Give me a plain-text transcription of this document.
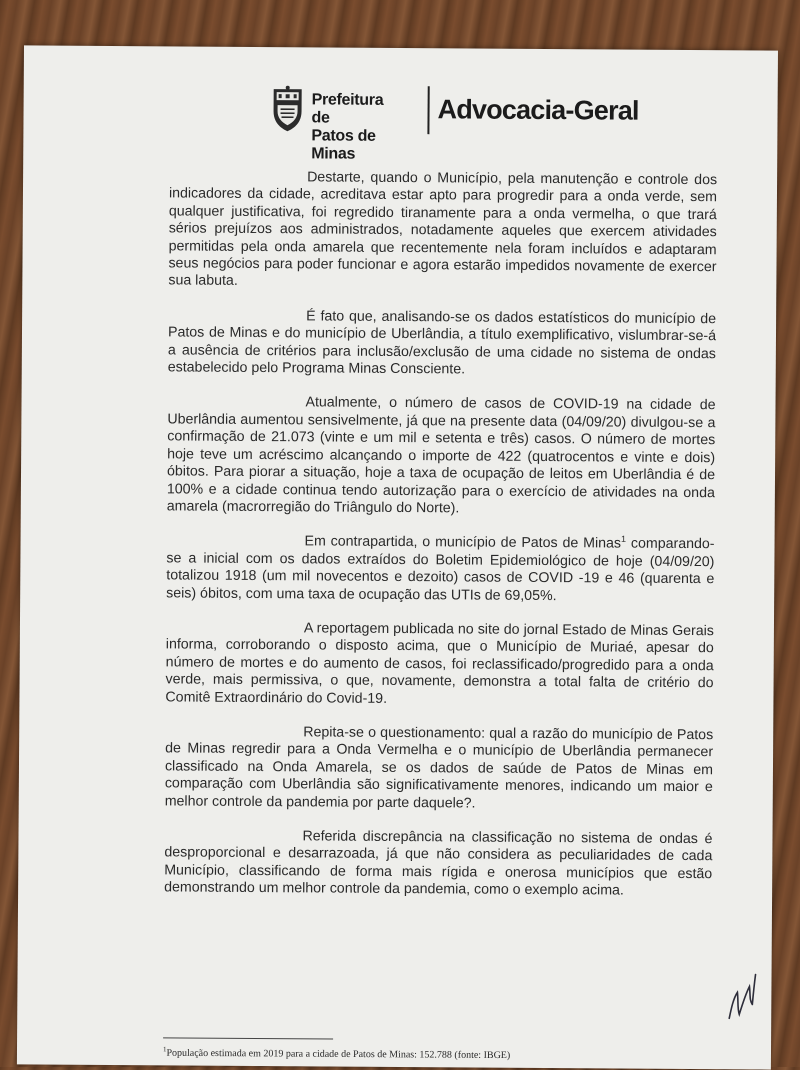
Prefeitura de
Patos de Minas
Advocacia-Geral

Destarte, quando o Município, pela manutenção e controle dos indicadores da cidade, acreditava estar apto para progredir para a onda verde, sem qualquer justificativa, foi regredido tiranamente para a onda vermelha, o que trará sérios prejuízos aos administrados, notadamente aqueles que exercem atividades permitidas pela onda amarela que recentemente nela foram incluídos e adaptaram seus negócios para poder funcionar e agora estarão impedidos novamente de exercer sua labuta.

É fato que, analisando-se os dados estatísticos do município de Patos de Minas e do município de Uberlândia, a título exemplificativo, vislumbrar-se-á a ausência de critérios para inclusão/exclusão de uma cidade no sistema de ondas estabelecido pelo Programa Minas Consciente.

Atualmente, o número de casos de COVID-19 na cidade de Uberlândia aumentou sensivelmente, já que na presente data (04/09/20) divulgou-se a confirmação de 21.073 (vinte e um mil e setenta e três) casos. O número de mortes hoje teve um acréscimo alcançando o importe de 422 (quatrocentos e vinte e dois) óbitos. Para piorar a situação, hoje a taxa de ocupação de leitos em Uberlândia é de 100% e a cidade continua tendo autorização para o exercício de atividades na onda amarela (macrorregião do Triângulo do Norte).

Em contrapartida, o município de Patos de Minas$^1$ comparando-se a inicial com os dados extraídos do Boletim Epidemiológico de hoje (04/09/20) totalizou 1918 (um mil novecentos e dezoito) casos de COVID -19 e 46 (quarenta e seis) óbitos, com uma taxa de ocupação das UTIs de 69,05%.

A reportagem publicada no site do jornal Estado de Minas Gerais informa, corroborando o disposto acima, que o Município de Muriaé, apesar do número de mortes e do aumento de casos, foi reclassificado/progredido para a onda verde, mais permissiva, o que, novamente, demonstra a total falta de critério do Comitê Extraordinário do Covid-19.

Repita-se o questionamento: qual a razão do município de Patos de Minas regredir para a Onda Vermelha e o município de Uberlândia permanecer classificado na Onda Amarela, se os dados de saúde de Patos de Minas em comparação com Uberlândia são significativamente menores, indicando um maior e melhor controle da pandemia por parte daquele?.

Referida discrepância na classificação no sistema de ondas é desproporcional e desarrazoada, já que não considera as peculiaridades de cada Município, classificando de forma mais rígida e onerosa municípios que estão demonstrando um melhor controle da pandemia, como o exemplo acima.

$^1$População estimada em 2019 para a cidade de Patos de Minas: 152.788 (fonte: IBGE)
